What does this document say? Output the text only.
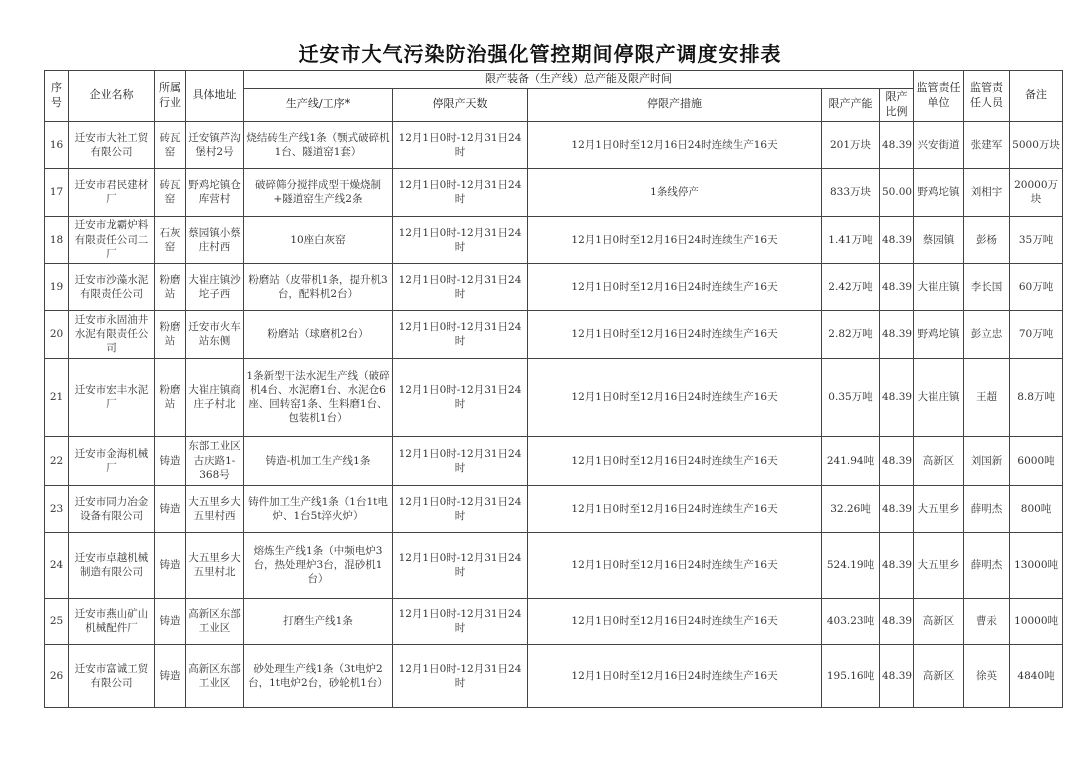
迁安市大气污染防治强化管控期间停限产调度安排表
序号	企业名称	所属行业	具体地址	限产装备（生产线）总产能及限产时间					监管责任单位	监管责任人员	备注
				生产线/工序*	停限产天数	停限产措施	限产产能	限产比例			
16	迁安市大社工贸有限公司	砖瓦窑	迁安镇芦沟堡村2号	烧结砖生产线1条（颚式破碎机1台、隧道窑1套）	12月1日0时-12月31日24时	12月1日0时至12月16日24时连续生产16天	201万块	48.39	兴安街道	张建军	5000万块
17	迁安市君民建材厂	砖瓦窑	野鸡坨镇仓库营村	破碎筛分搅拌成型干燥烧制+隧道窑生产线2条	12月1日0时-12月31日24时	1条线停产	833万块	50.00	野鸡坨镇	刘相宇	20000万块
18	迁安市龙霸炉料有限责任公司二厂	石灰窑	蔡园镇小蔡庄村西	10座白灰窑	12月1日0时-12月31日24时	12月1日0时至12月16日24时连续生产16天	1.41万吨	48.39	蔡园镇	彭杨	35万吨
19	迁安市沙藻水泥有限责任公司	粉磨站	大崔庄镇沙坨子西	粉磨站（皮带机1条，提升机3台，配料机2台）	12月1日0时-12月31日24时	12月1日0时至12月16日24时连续生产16天	2.42万吨	48.39	大崔庄镇	李长国	60万吨
20	迁安市永固油井水泥有限责任公司	粉磨站	迁安市火车站东侧	粉磨站（球磨机2台）	12月1日0时-12月31日24时	12月1日0时至12月16日24时连续生产16天	2.82万吨	48.39	野鸡坨镇	彭立忠	70万吨
21	迁安市宏丰水泥厂	粉磨站	大崔庄镇商庄子村北	1条新型干法水泥生产线（破碎机4台、水泥磨1台、水泥仓6座、回转窑1条、生料磨1台、包装机1台）	12月1日0时-12月31日24时	12月1日0时至12月16日24时连续生产16天	0.35万吨	48.39	大崔庄镇	王超	8.8万吨
22	迁安市金海机械厂	铸造	东部工业区古庆路1-368号	铸造-机加工生产线1条	12月1日0时-12月31日24时	12月1日0时至12月16日24时连续生产16天	241.94吨	48.39	高新区	刘国新	6000吨
23	迁安市同力冶金设备有限公司	铸造	大五里乡大五里村西	铸件加工生产线1条（1台1t电炉、1台5t淬火炉）	12月1日0时-12月31日24时	12月1日0时至12月16日24时连续生产16天	32.26吨	48.39	大五里乡	薛明杰	800吨
24	迁安市卓越机械制造有限公司	铸造	大五里乡大五里村北	熔炼生产线1条（中频电炉3台，热处理炉3台，混砂机1台）	12月1日0时-12月31日24时	12月1日0时至12月16日24时连续生产16天	524.19吨	48.39	大五里乡	薛明杰	13000吨
25	迁安市燕山矿山机械配件厂	铸造	高新区东部工业区	打磨生产线1条	12月1日0时-12月31日24时	12月1日0时至12月16日24时连续生产16天	403.23吨	48.39	高新区	曹汞	10000吨
26	迁安市富诚工贸有限公司	铸造	高新区东部工业区	砂处理生产线1条（3t电炉2台，1t电炉2台，砂轮机1台）	12月1日0时-12月31日24时	12月1日0时至12月16日24时连续生产16天	195.16吨	48.39	高新区	徐英	4840吨
